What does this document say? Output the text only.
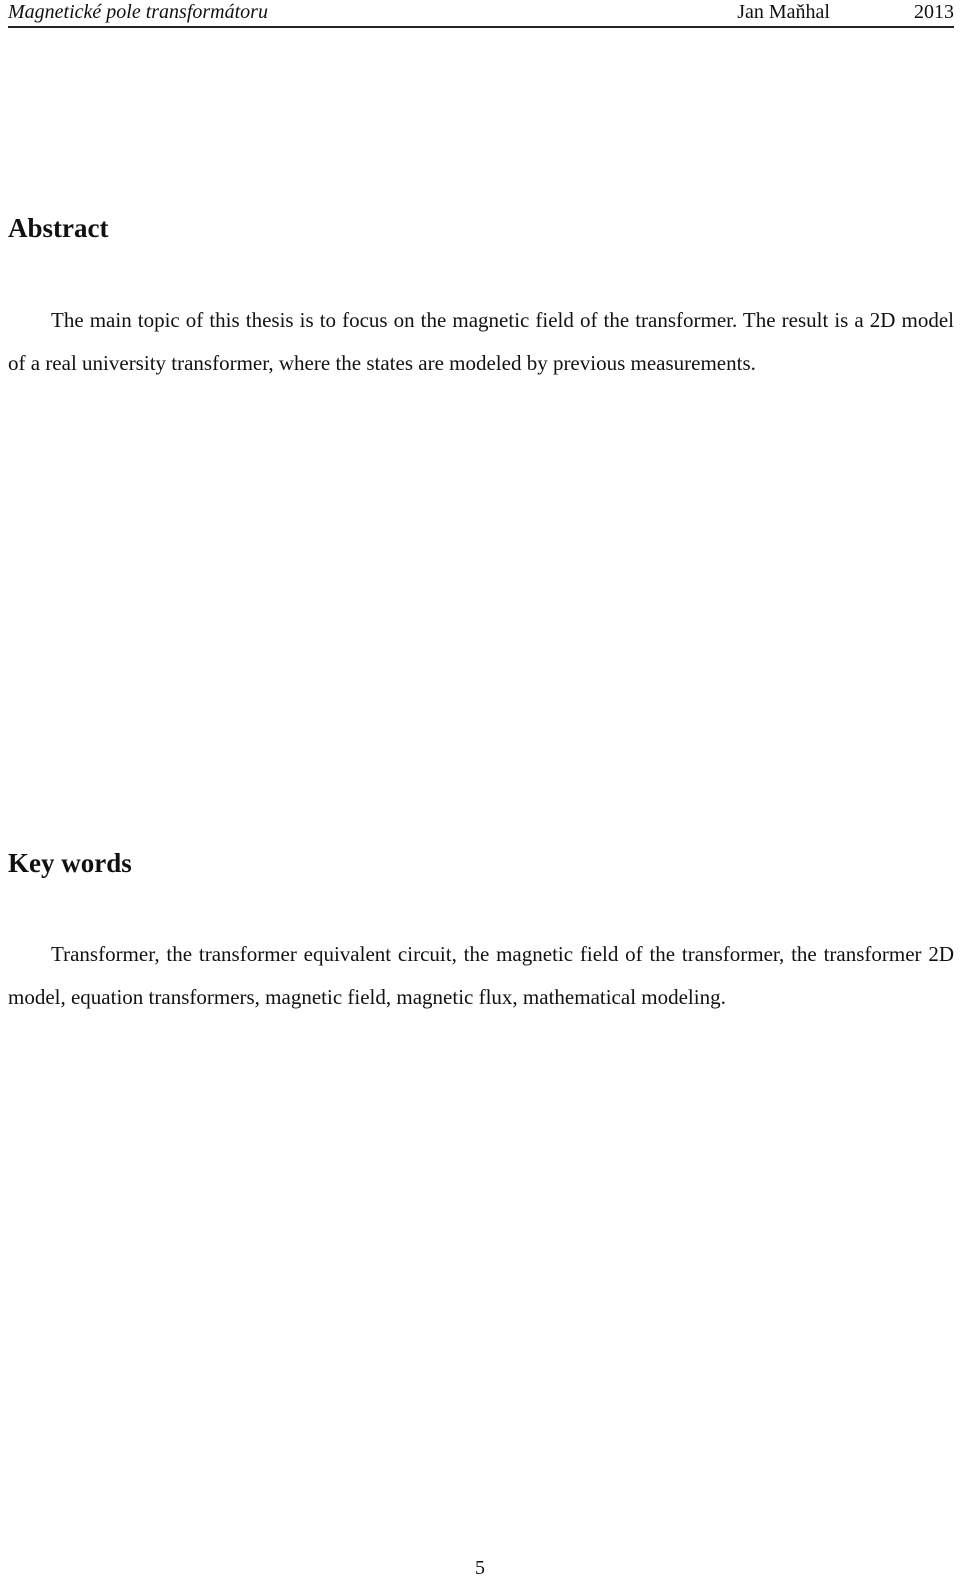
Magnetické pole transformátoru	Jan Maňhal	2013
Abstract

The main topic of this thesis is to focus on the magnetic field of the transformer. The result is a 2D model of a real university transformer, where the states are modeled by previous measurements.

Key words

Transformer, the transformer equivalent circuit, the magnetic field of the transformer, the transformer 2D model, equation transformers, magnetic field, magnetic flux, mathematical modeling.

5
